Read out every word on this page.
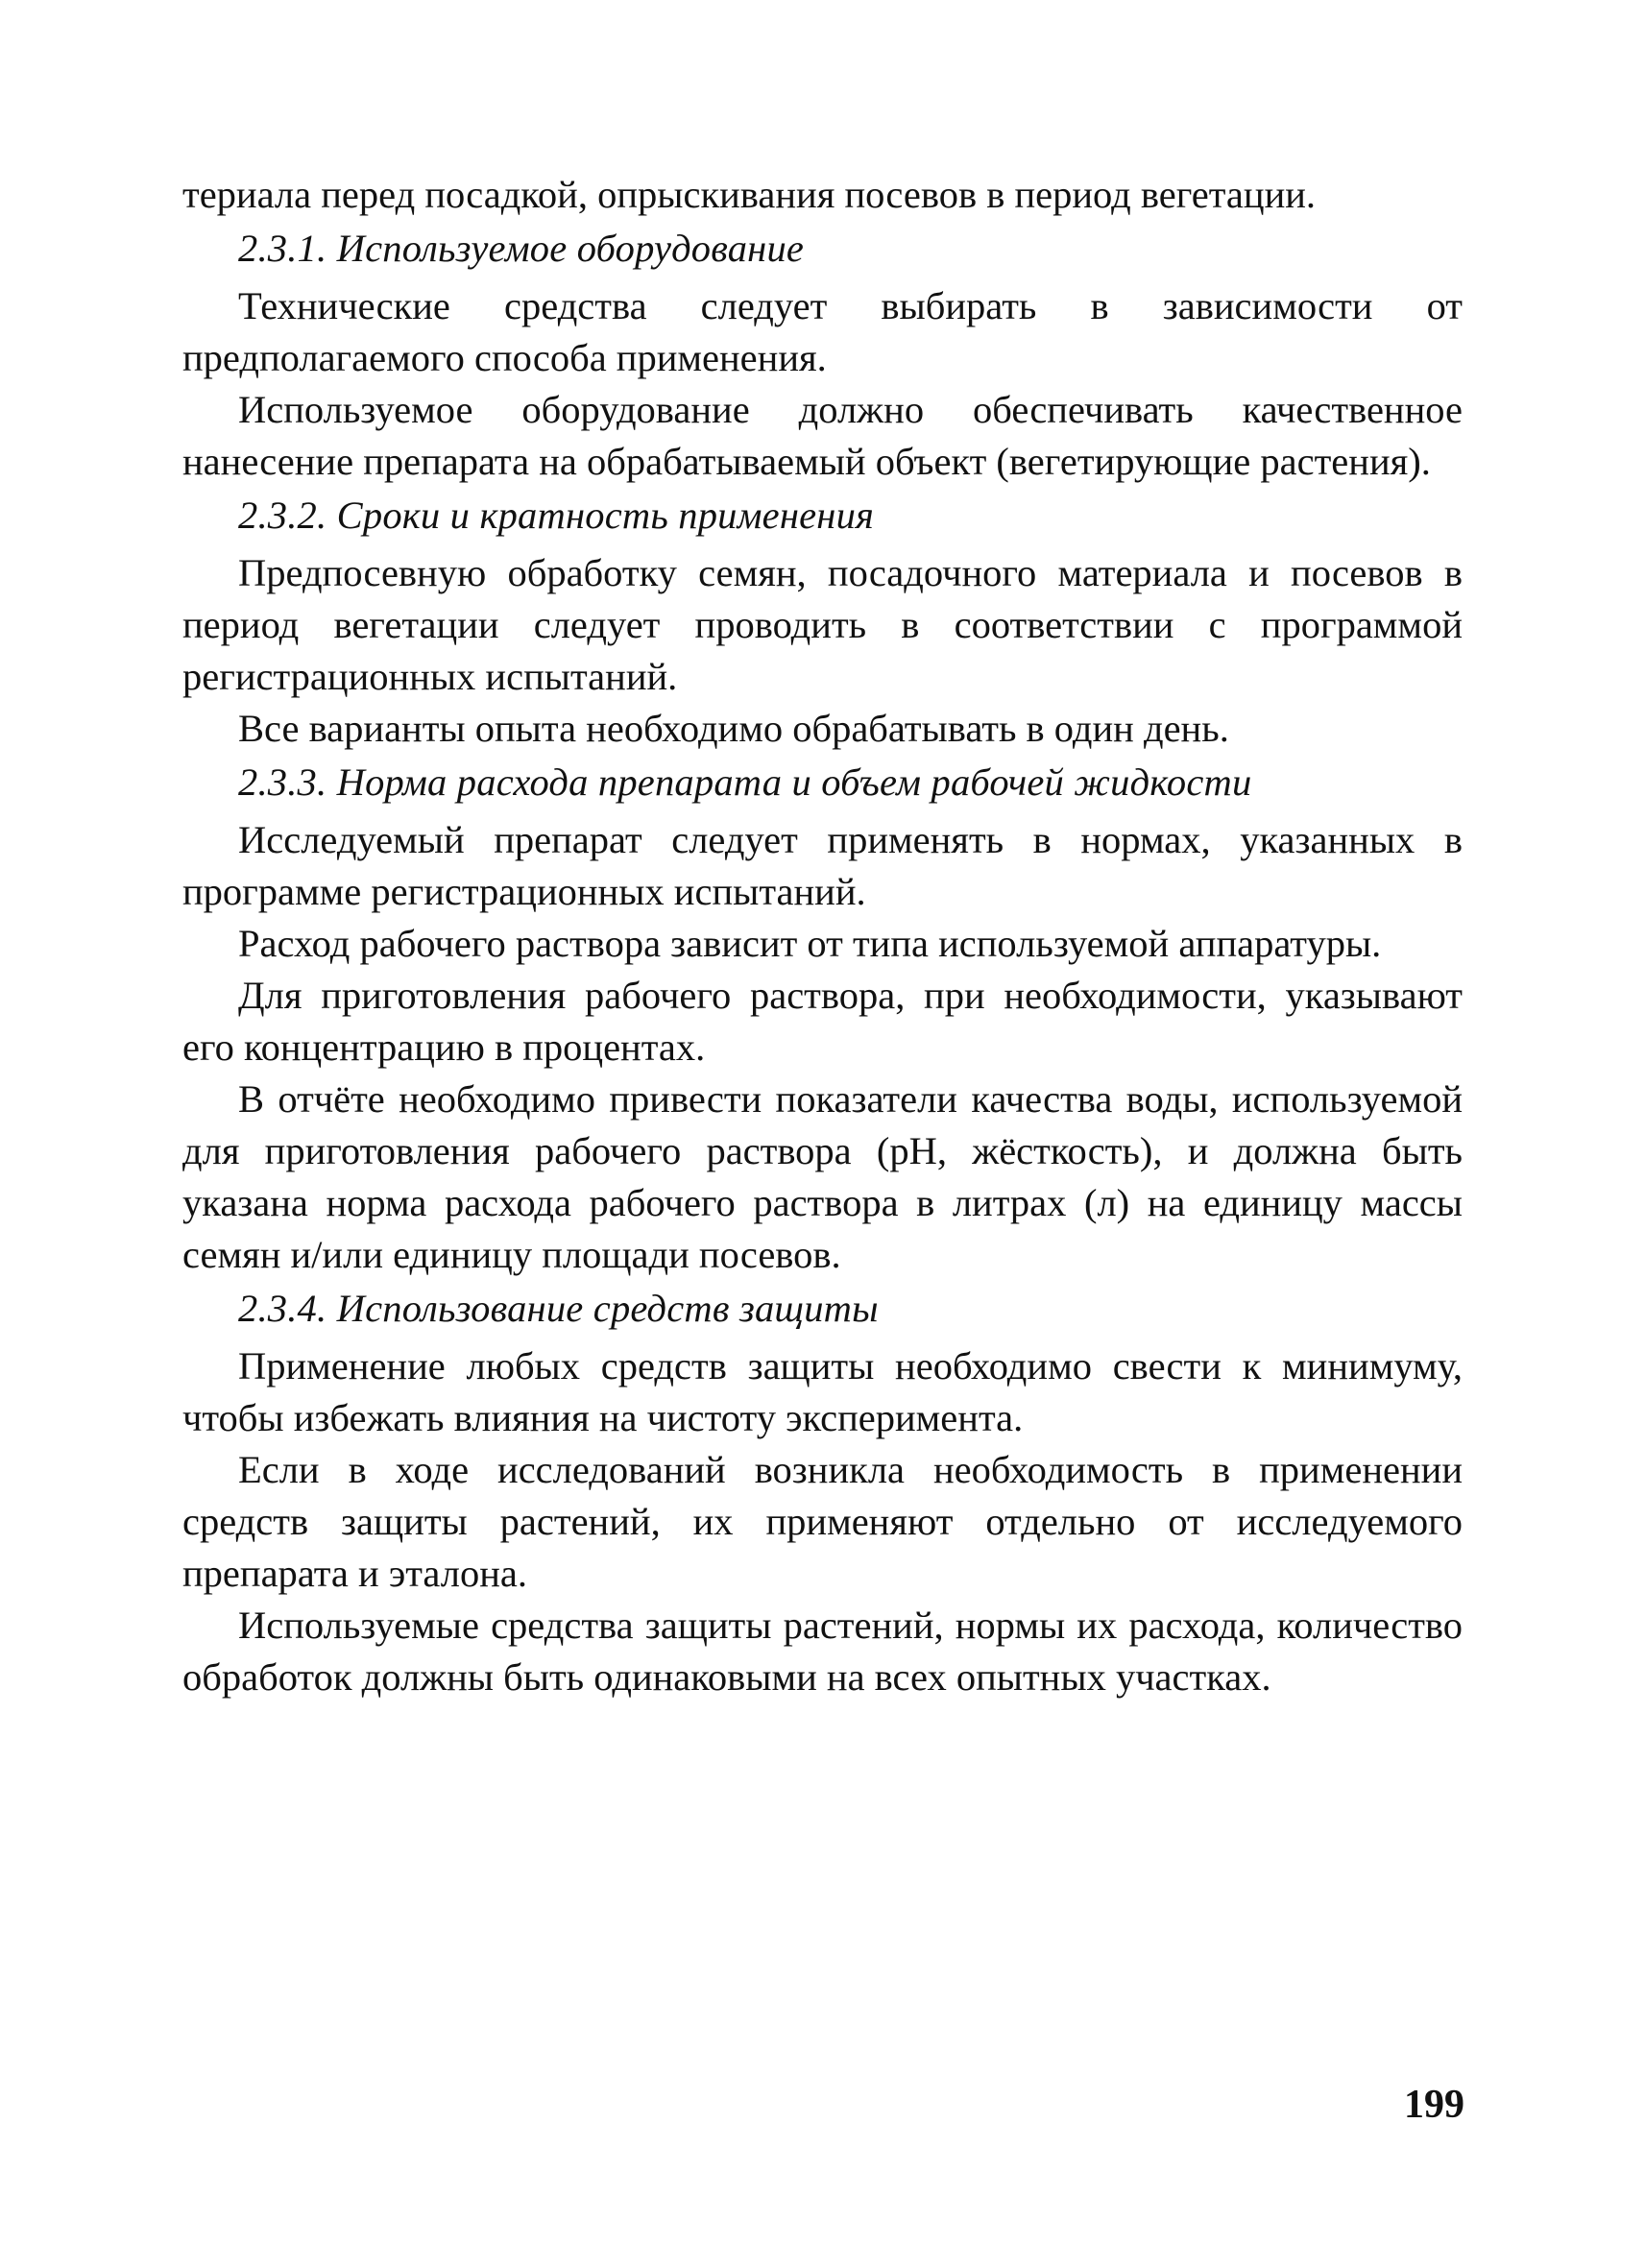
териала перед посадкой, опрыскивания посевов в период вегетации.

2.3.1. Используемое оборудование

Технические средства следует выбирать в зависимости от предполагаемого способа применения.

Используемое оборудование должно обеспечивать качественное нанесение препарата на обрабатываемый объект (вегетирующие растения).

2.3.2. Сроки и кратность применения

Предпосевную обработку семян, посадочного материала и посевов в период вегетации следует проводить в соответствии с программой регистрационных испытаний.

Все варианты опыта необходимо обрабатывать в один день.

2.3.3. Норма расхода препарата и объем рабочей жидкости

Исследуемый препарат следует применять в нормах, указанных в программе регистрационных испытаний.

Расход рабочего раствора зависит от типа используемой аппаратуры.

Для приготовления рабочего раствора, при необходимости, указывают его концентрацию в процентах.

В отчёте необходимо привести показатели качества воды, используемой для приготовления рабочего раствора (pH, жёсткость), и должна быть указана норма расхода рабочего раствора в литрах (л) на единицу массы семян и/или единицу площади посевов.

2.3.4. Использование средств защиты

Применение любых средств защиты необходимо свести к минимуму, чтобы избежать влияния на чистоту эксперимента.

Если в ходе исследований возникла необходимость в применении средств защиты растений, их применяют отдельно от исследуемого препарата и эталона.

Используемые средства защиты растений, нормы их расхода, количество обработок должны быть одинаковыми на всех опытных участках.

199
